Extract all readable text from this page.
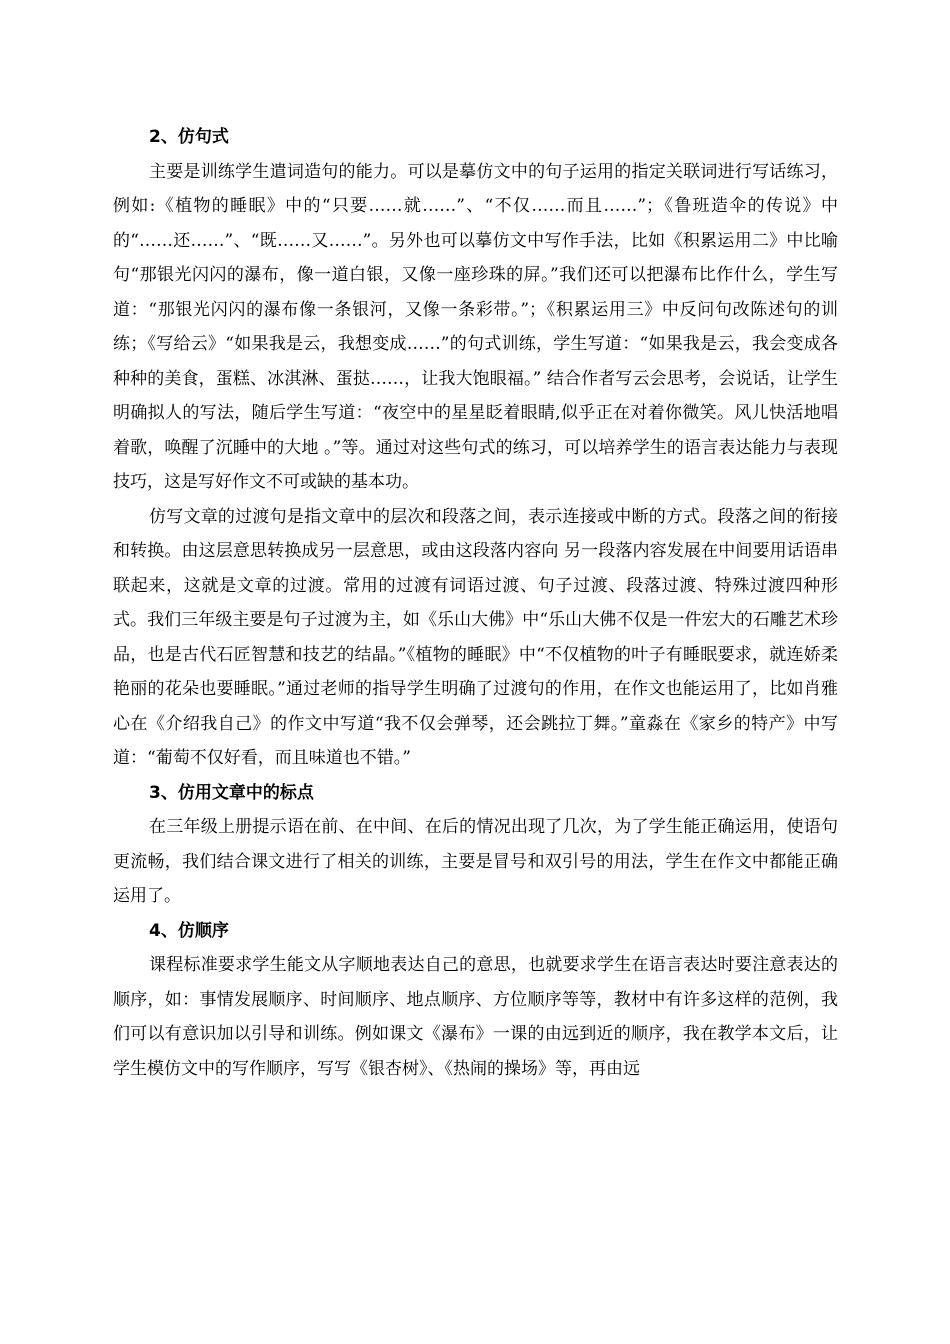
2、仿句式

主要是训练学生遣词造句的能力。可以是摹仿文中的句子运用的指定关联词进行写话练习，例如:《植物的睡眠》中的“只要……就……”、“不仅……而且……”；《鲁班造伞的传说》中的“……还……”、“既……又……”。另外也可以摹仿文中写作手法，比如《积累运用二》中比喻句“那银光闪闪的瀑布，像一道白银，又像一座珍珠的屏。”我们还可以把瀑布比作什么，学生写道：“那银光闪闪的瀑布像一条银河，又像一条彩带。”；《积累运用三》中反问句改陈述句的训练；《写给云》“如果我是云，我想变成……”的句式训练，学生写道：“如果我是云，我会变成各种种的美食，蛋糕、冰淇淋、蛋挞……，让我大饱眼福。” 结合作者写云会思考，会说话，让学生明确拟人的写法，随后学生写道：“夜空中的星星眨着眼睛,似乎正在对着你微笑。风儿快活地唱着歌，唤醒了沉睡中的大地 。”等。通过对这些句式的练习，可以培养学生的语言表达能力与表现技巧，这是写好作文不可或缺的基本功。

仿写文章的过渡句是指文章中的层次和段落之间，表示连接或中断的方式。段落之间的衔接和转换。由这层意思转换成另一层意思，或由这段落内容向 另一段落内容发展在中间要用话语串联起来，这就是文章的过渡。常用的过渡有词语过渡、句子过渡、段落过渡、特殊过渡四种形式。我们三年级主要是句子过渡为主，如《乐山大佛》中“乐山大佛不仅是一件宏大的石雕艺术珍品，也是古代石匠智慧和技艺的结晶。”《植物的睡眠》中“不仅植物的叶子有睡眠要求，就连娇柔艳丽的花朵也要睡眠。”通过老师的指导学生明确了过渡句的作用，在作文也能运用了，比如肖雅心在《介绍我自己》的作文中写道“我不仅会弹琴，还会跳拉丁舞。”童淼在《家乡的特产》中写道：“葡萄不仅好看，而且味道也不错。”

3、仿用文章中的标点

在三年级上册提示语在前、在中间、在后的情况出现了几次，为了学生能正确运用，使语句更流畅，我们结合课文进行了相关的训练，主要是冒号和双引号的用法，学生在作文中都能正确运用了。

4、仿顺序

课程标准要求学生能文从字顺地表达自己的意思，也就要求学生在语言表达时要注意表达的顺序，如：事情发展顺序、时间顺序、地点顺序、方位顺序等等，教材中有许多这样的范例，我们可以有意识加以引导和训练。例如课文《瀑布》一课的由远到近的顺序，我在教学本文后，让学生模仿文中的写作顺序，写写《银杏树》、《热闹的操场》等，再由远
